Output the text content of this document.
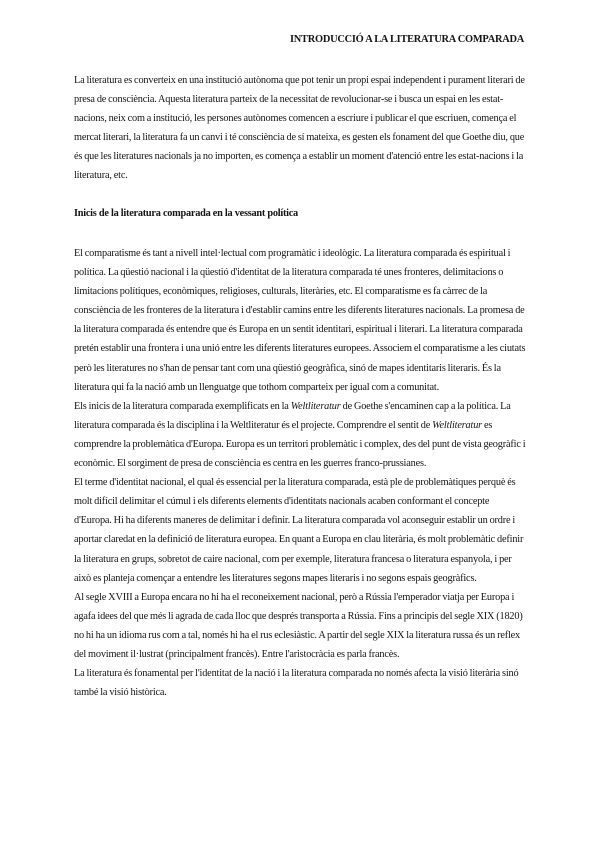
INTRODUCCIÓ A LA LITERATURA COMPARADA

La literatura es converteix en una institució autònoma que pot tenir un propi espai independent i purament literari de presa de consciència. Aquesta literatura parteix de la necessitat de revolucionar-se i busca un espai en les estat-nacions, neix com a institució, les persones autònomes comencen a escriure i publicar el que escriuen, comença el mercat literari, la literatura fa un canvi i té consciència de sí mateixa, es gesten els fonament del que Goethe diu, que és que les literatures nacionals ja no importen, es comença a establir un moment d'atenció entre les estat-nacions i la literatura, etc.

Inicis de la literatura comparada en la vessant política

El comparatisme és tant a nivell intel·lectual com programàtic i ideològic. La literatura comparada és espiritual i política. La qüestió nacional i la qüestió d'identitat de la literatura comparada té unes fronteres, delimitacions o limitacions polítiques, econòmiques, religioses, culturals, literàries, etc. El comparatisme es fa càrrec de la consciència de les fronteres de la literatura i d'establir camins entre les diferents literatures nacionals. La promesa de la literatura comparada és entendre que és Europa en un sentit identitari, espiritual i literari. La literatura comparada pretén establir una frontera i una unió entre les diferents literatures europees. Associem el comparatisme a les ciutats però les literatures no s'han de pensar tant com una qüestió geogràfica, sinó de mapes identitaris literaris. És la literatura qui fa la nació amb un llenguatge que tothom comparteix per igual com a comunitat.

Els inicis de la literatura comparada exemplificats en la Weltliteratur de Goethe s'encaminen cap a la política. La literatura comparada és la disciplina i la Weltliteratur és el projecte. Comprendre el sentit de Weltliteratur es comprendre la problemàtica d'Europa. Europa es un territori problemàtic i complex, des del punt de vista geogràfic i econòmic. El sorgiment de presa de consciència es centra en les guerres franco-prussianes.

El terme d'identitat nacional, el qual és essencial per la literatura comparada, està ple de problemàtiques perquè és molt difícil delimitar el cúmul i els diferents elements d'identitats nacionals acaben conformant el concepte d'Europa. Hi ha diferents maneres de delimitar i definir. La literatura comparada vol aconseguir establir un ordre i aportar claredat en la definició de literatura europea. En quant a Europa en clau literària, és molt problemàtic definir la literatura en grups, sobretot de caire nacional, com per exemple, literatura francesa o literatura espanyola, i per això es planteja començar a entendre les literatures segons mapes literaris i no segons espais geogràfics.

Al segle XVIII a Europa encara no hi ha el reconeixement nacional, però a Rússia l'emperador viatja per Europa i agafa idees del que més li agrada de cada lloc que després transporta a Rússia. Fins a principis del segle XIX (1820) no hi ha un idioma rus com a tal, només hi ha el rus eclesiàstic. A partir del segle XIX la literatura russa és un reflex del moviment il·lustrat (principalment francès). Entre l'aristocràcia es parla francès.

La literatura és fonamental per l'identitat de la nació i la literatura comparada no només afecta la visió literària sinó també la visió històrica.
